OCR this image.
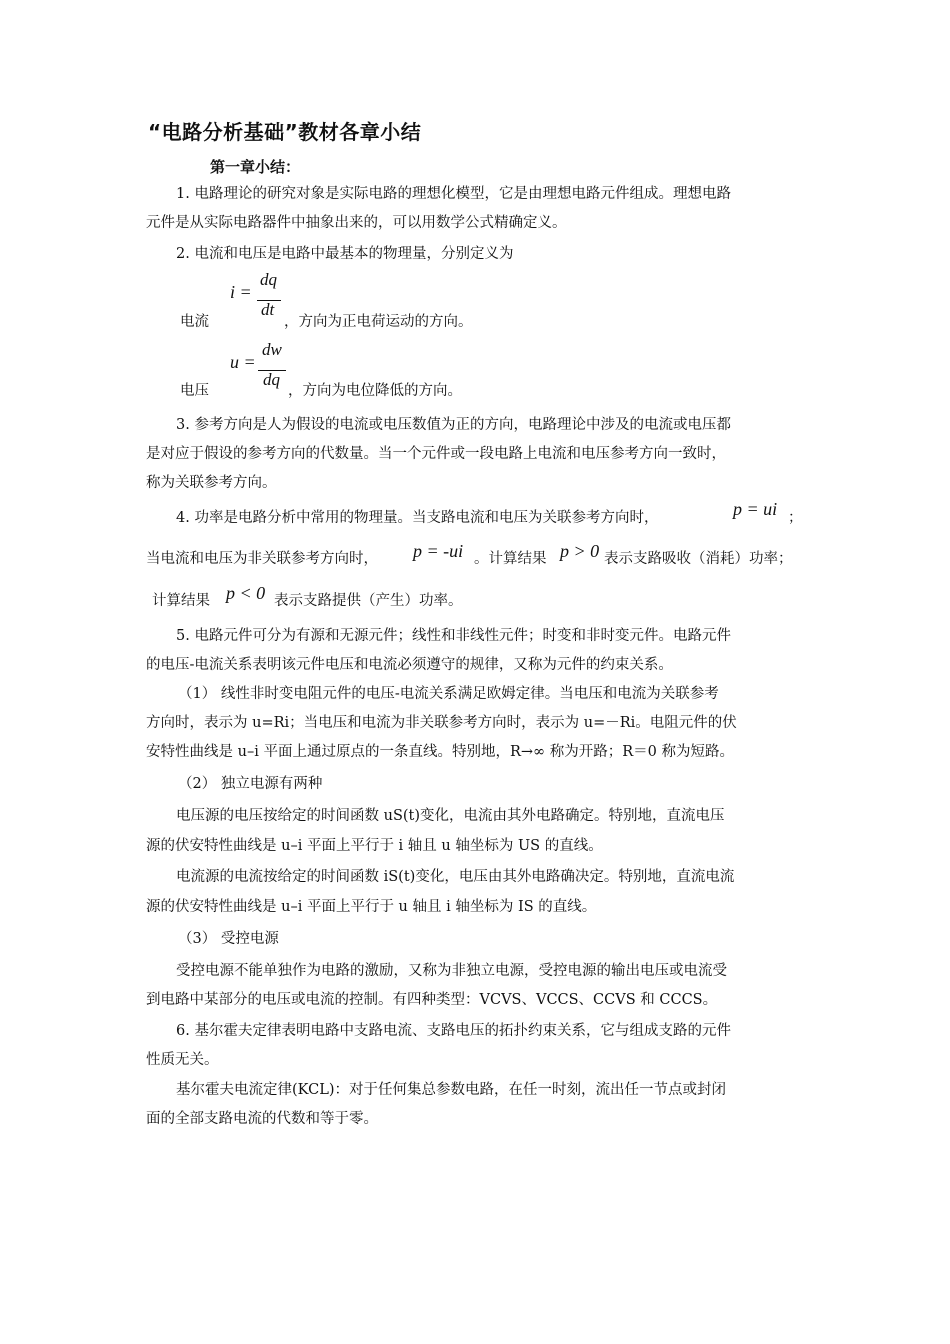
“电路分析基础”教材各章小结
第一章小结：
1. 电路理论的研究对象是实际电路的理想化模型，它是由理想电路元件组成。理想电路
元件是从实际电路器件中抽象出来的，可以用数学公式精确定义。
2. 电流和电压是电路中最基本的物理量，分别定义为
i =
dq
dt
电流	，方向为正电荷运动的方向。
u =
dw
dq
电压	，方向为电位降低的方向。
3. 参考方向是人为假设的电流或电压数值为正的方向，电路理论中涉及的电流或电压都
是对应于假设的参考方向的代数量。当一个元件或一段电路上电流和电压参考方向一致时，
称为关联参考方向。
4. 功率是电路分析中常用的物理量。当支路电流和电压为关联参考方向时，	p = ui ；
当电流和电压为非关联参考方向时， p = -ui 。计算结果 p > 0 表示支路吸收（消耗）功率；
计算结果 p < 0 表示支路提供（产生）功率。
5. 电路元件可分为有源和无源元件；线性和非线性元件；时变和非时变元件。电路元件
的电压-电流关系表明该元件电压和电流必须遵守的规律，又称为元件的约束关系。
（1） 线性非时变电阻元件的电压-电流关系满足欧姆定律。当电压和电流为关联参考
方向时，表示为 u=Ri；当电压和电流为非关联参考方向时，表示为 u=－Ri。电阻元件的伏
安特性曲线是 u–i 平面上通过原点的一条直线。特别地，R→∞ 称为开路；R＝0 称为短路。
（2） 独立电源有两种
电压源的电压按给定的时间函数 uS(t)变化，电流由其外电路确定。特别地，直流电压
源的伏安特性曲线是 u–i 平面上平行于 i 轴且 u 轴坐标为 US 的直线。
电流源的电流按给定的时间函数 iS(t)变化，电压由其外电路确决定。特别地，直流电流
源的伏安特性曲线是 u–i 平面上平行于 u 轴且 i 轴坐标为 IS 的直线。
（3） 受控电源
受控电源不能单独作为电路的激励，又称为非独立电源，受控电源的输出电压或电流受
到电路中某部分的电压或电流的控制。有四种类型：VCVS、VCCS、CCVS 和 CCCS。
6. 基尔霍夫定律表明电路中支路电流、支路电压的拓扑约束关系，它与组成支路的元件
性质无关。
基尔霍夫电流定律(KCL)：对于任何集总参数电路，在任一时刻，流出任一节点或封闭
面的全部支路电流的代数和等于零。
